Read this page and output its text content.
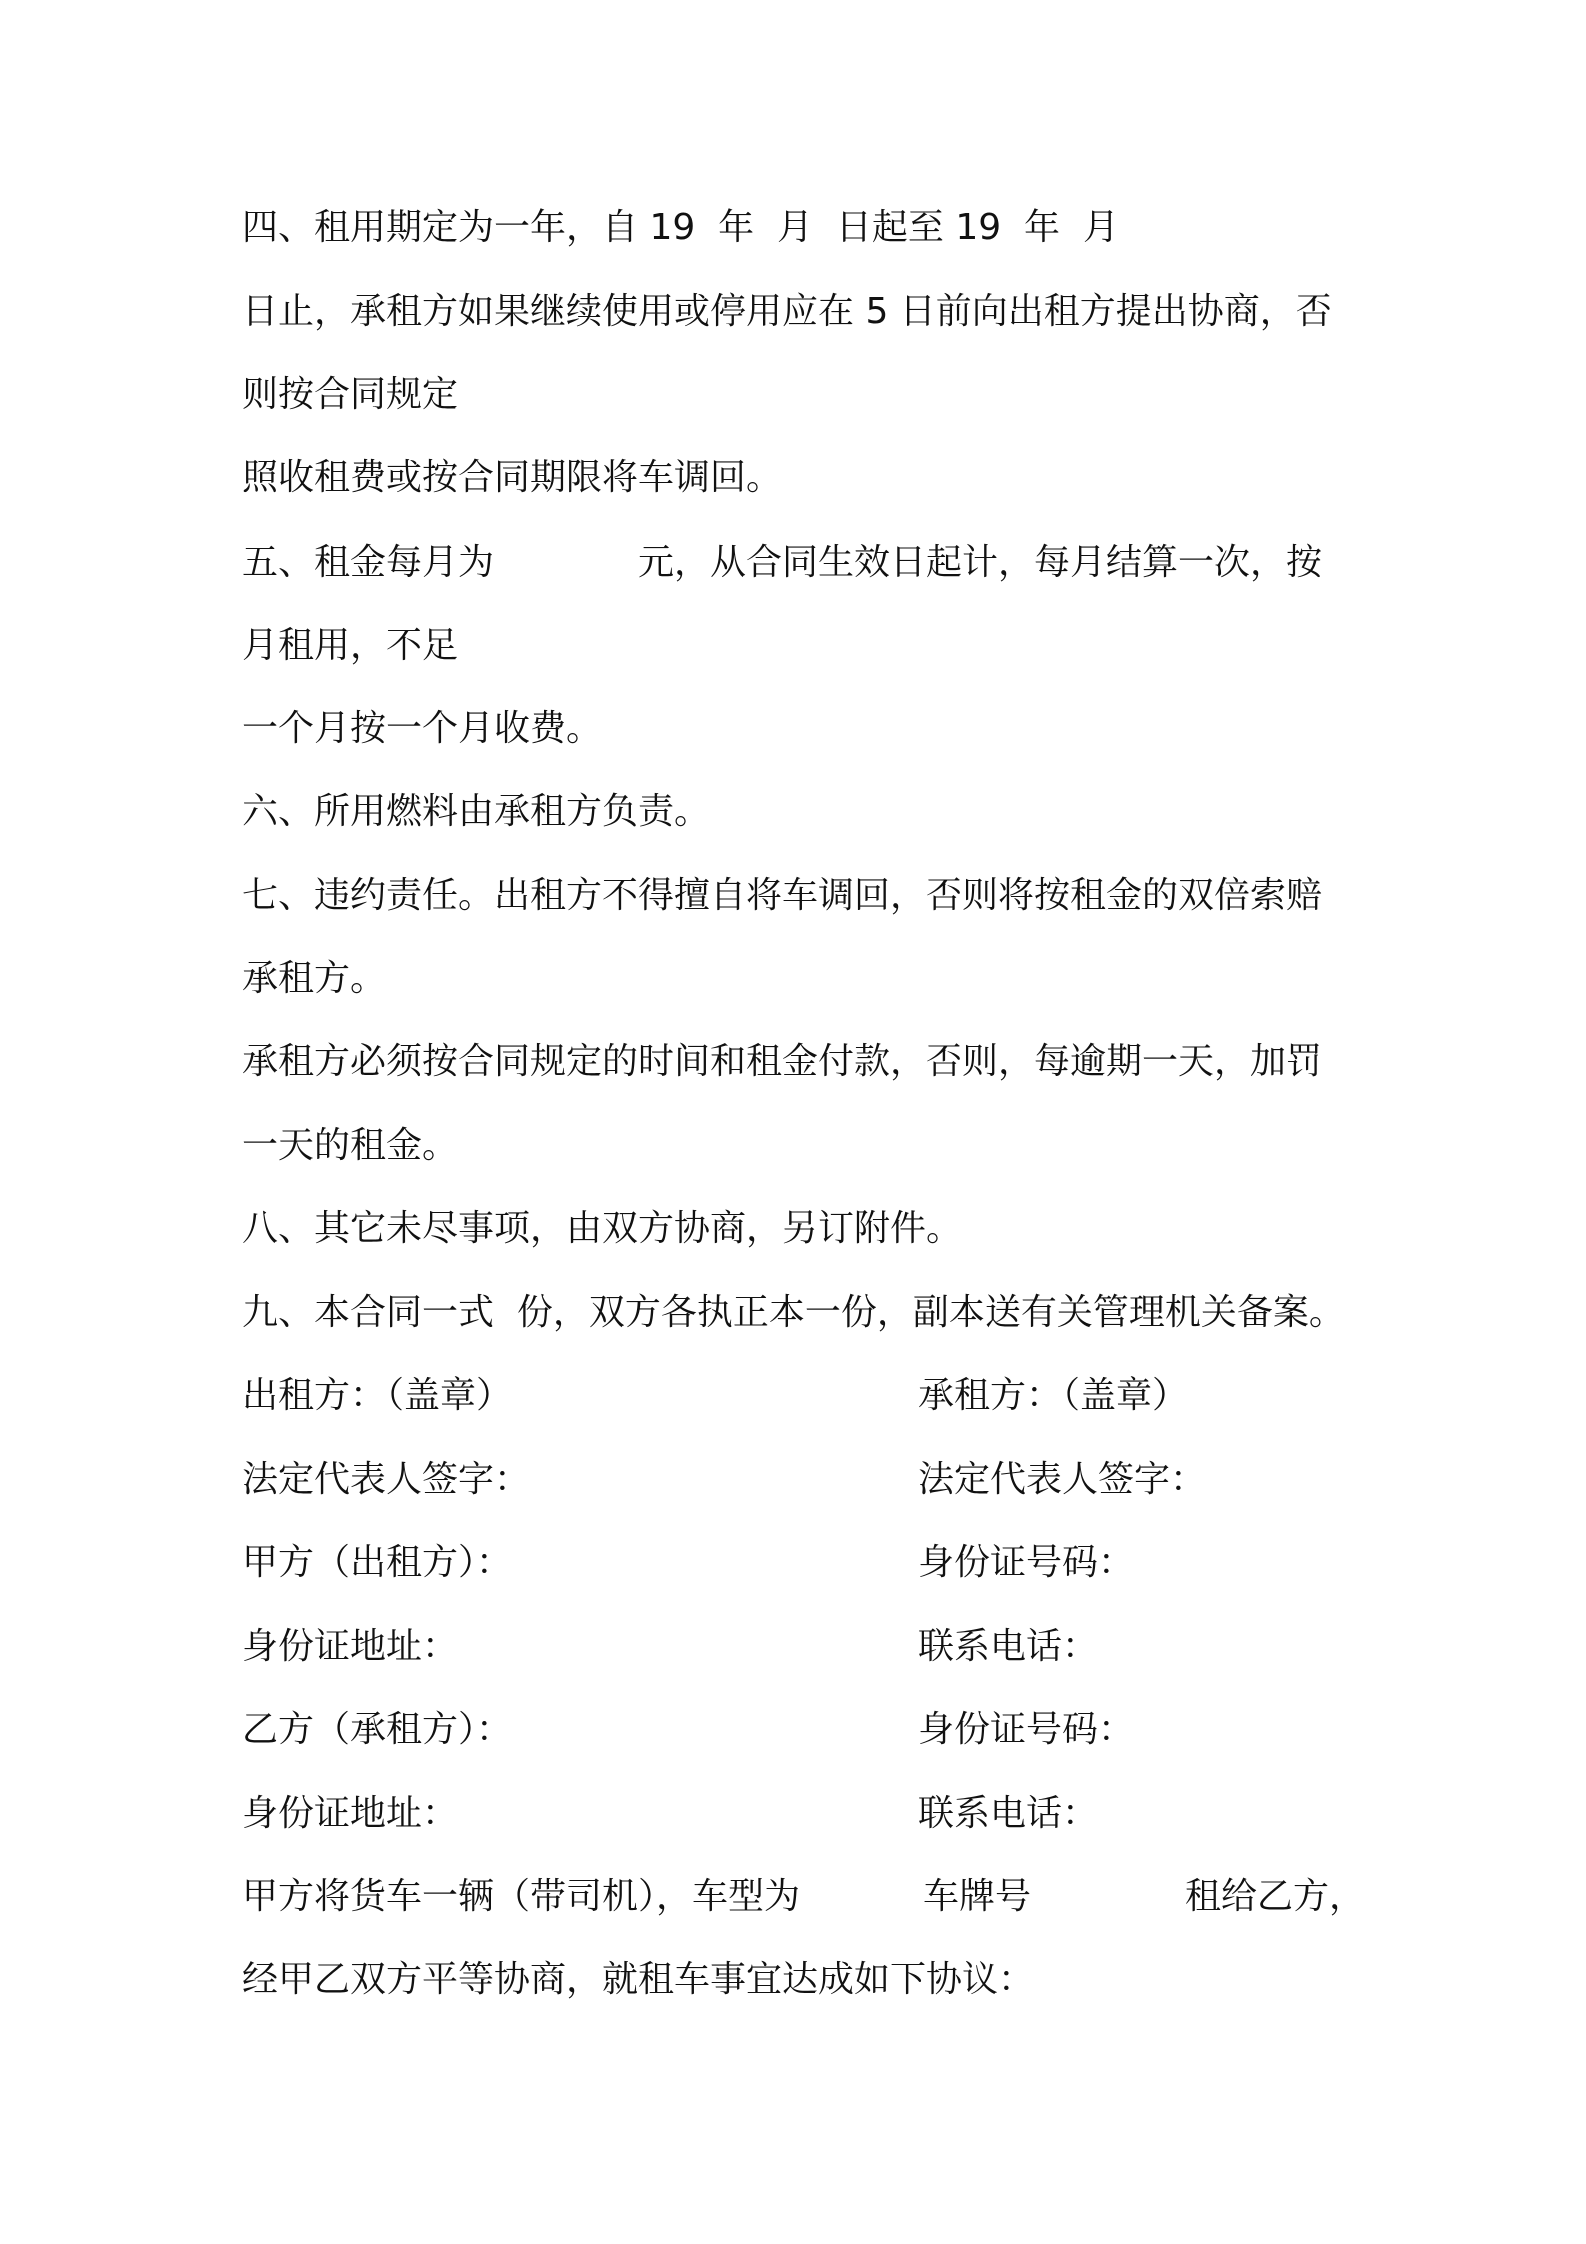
四、租用期定为一年，自 19  年  月  日起至 19  年  月
日止，承租方如果继续使用或停用应在 5 日前向出租方提出协商，否
则按合同规定
照收租费或按合同期限将车调回。
五、租金每月为	元，从合同生效日起计，每月结算一次，按
月租用，不足
一个月按一个月收费。
六、所用燃料由承租方负责。
七、违约责任。出租方不得擅自将车调回，否则将按租金的双倍索赔
承租方。
承租方必须按合同规定的时间和租金付款，否则，每逾期一天，加罚
一天的租金。
八、其它未尽事项，由双方协商，另订附件。
九、本合同一式  份，双方各执正本一份，副本送有关管理机关备案。
出租方：（盖章）	承租方：（盖章）
法定代表人签字：	法定代表人签字：
甲方（出租方）：	身份证号码：
身份证地址：	联系电话：
乙方（承租方）：	身份证号码：
身份证地址：	联系电话：
甲方将货车一辆（带司机），车型为	车牌号	租给乙方，
经甲乙双方平等协商，就租车事宜达成如下协议：
